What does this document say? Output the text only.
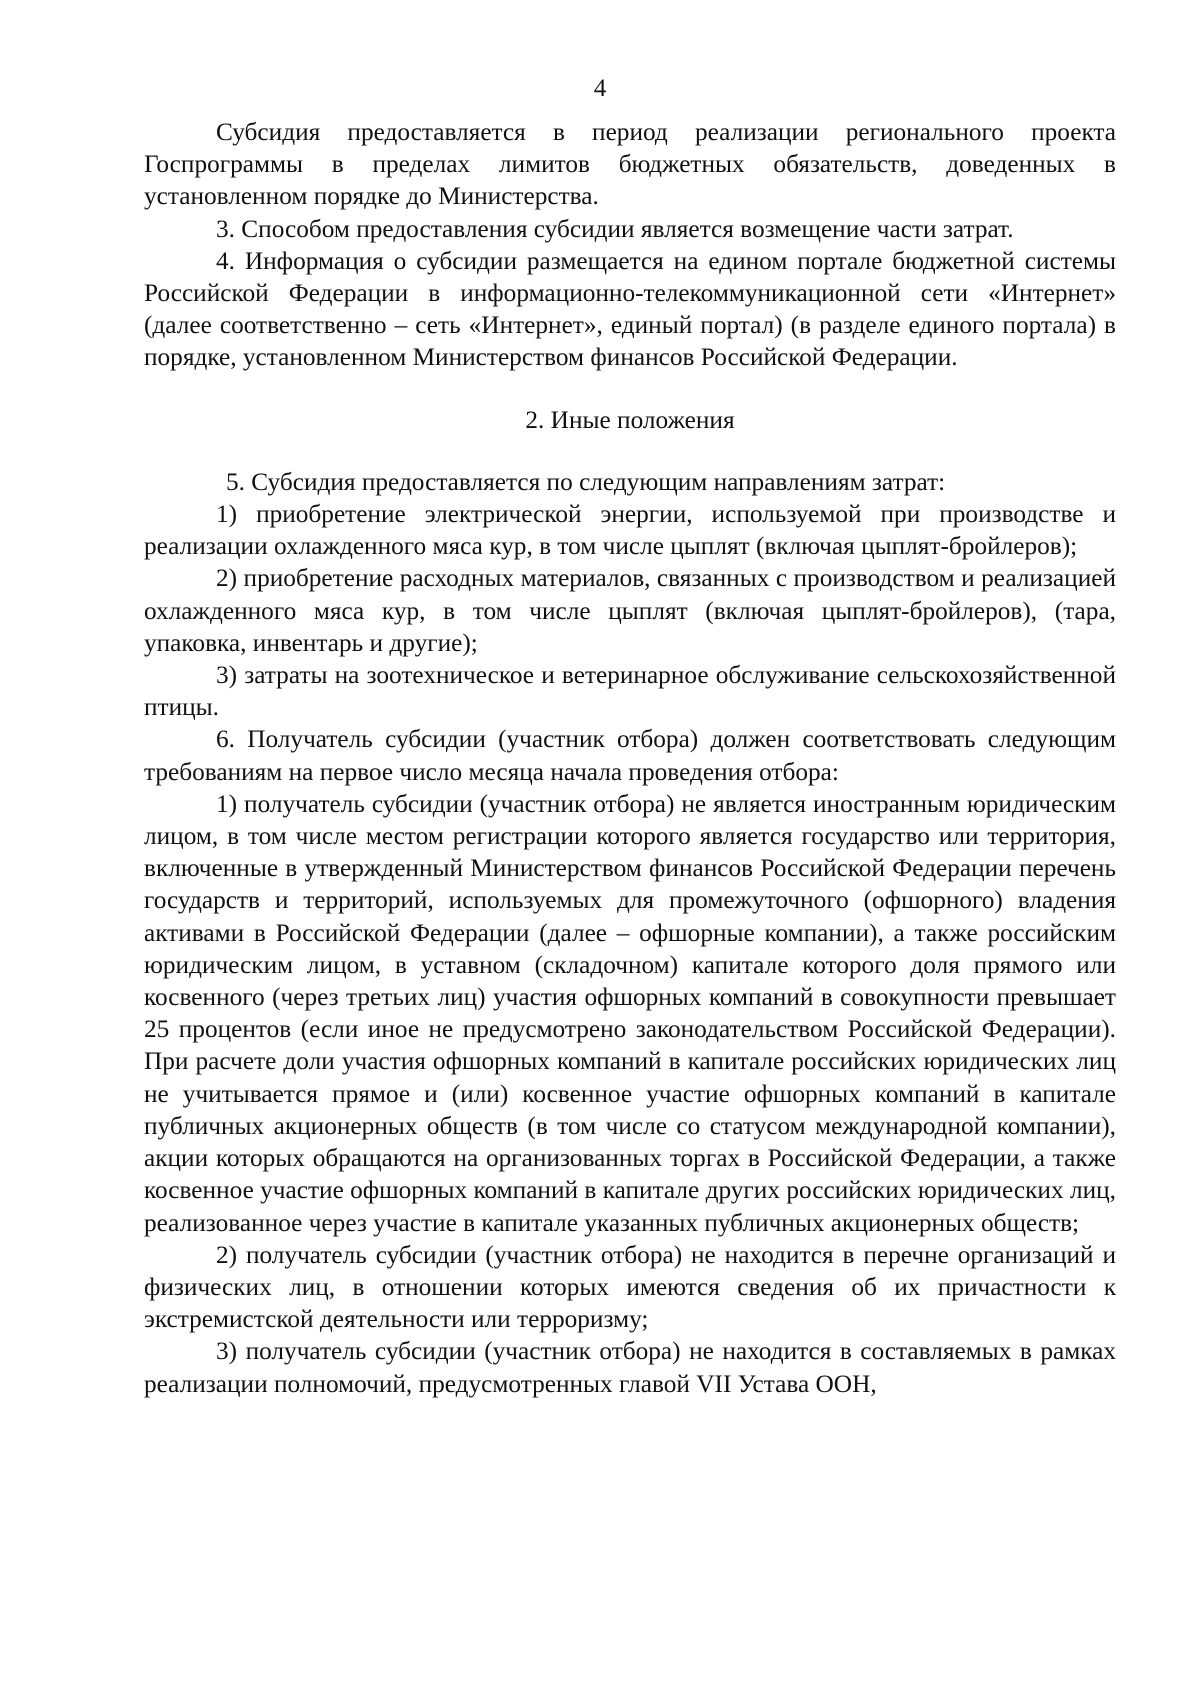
4

Субсидия предоставляется в период реализации регионального проекта Госпрограммы в пределах лимитов бюджетных обязательств, доведенных в установленном порядке до Министерства.

3. Способом предоставления субсидии является возмещение части затрат.

4. Информация о субсидии размещается на едином портале бюджетной системы Российской Федерации в информационно-телекоммуникационной сети «Интернет» (далее соответственно – сеть «Интернет», единый портал) (в разделе единого портала) в порядке, установленном Министерством финансов Российской Федерации.

2. Иные положения

5. Субсидия предоставляется по следующим направлениям затрат:

1) приобретение электрической энергии, используемой при производстве и реализации охлажденного мяса кур, в том числе цыплят (включая цыплят-бройлеров);

2) приобретение расходных материалов, связанных с производством и реализацией охлажденного мяса кур, в том числе цыплят (включая цыплят-бройлеров), (тара, упаковка, инвентарь и другие);

3) затраты на зоотехническое и ветеринарное обслуживание сельскохозяйственной птицы.

6. Получатель субсидии (участник отбора) должен соответствовать следующим требованиям на первое число месяца начала проведения отбора:

1) получатель субсидии (участник отбора) не является иностранным юридическим лицом, в том числе местом регистрации которого является государство или территория, включенные в утвержденный Министерством финансов Российской Федерации перечень государств и территорий, используемых для промежуточного (офшорного) владения активами в Российской Федерации (далее – офшорные компании), а также российским юридическим лицом, в уставном (складочном) капитале которого доля прямого или косвенного (через третьих лиц) участия офшорных компаний в совокупности превышает 25 процентов (если иное не предусмотрено законодательством Российской Федерации). При расчете доли участия офшорных компаний в капитале российских юридических лиц не учитывается прямое и (или) косвенное участие офшорных компаний в капитале публичных акционерных обществ (в том числе со статусом международной компании), акции которых обращаются на организованных торгах в Российской Федерации, а также косвенное участие офшорных компаний в капитале других российских юридических лиц, реализованное через участие в капитале указанных публичных акционерных обществ;

2) получатель субсидии (участник отбора) не находится в перечне организаций и физических лиц, в отношении которых имеются сведения об их причастности к экстремистской деятельности или терроризму;

3) получатель субсидии (участник отбора) не находится в составляемых в рамках реализации полномочий, предусмотренных главой VII Устава ООН,
